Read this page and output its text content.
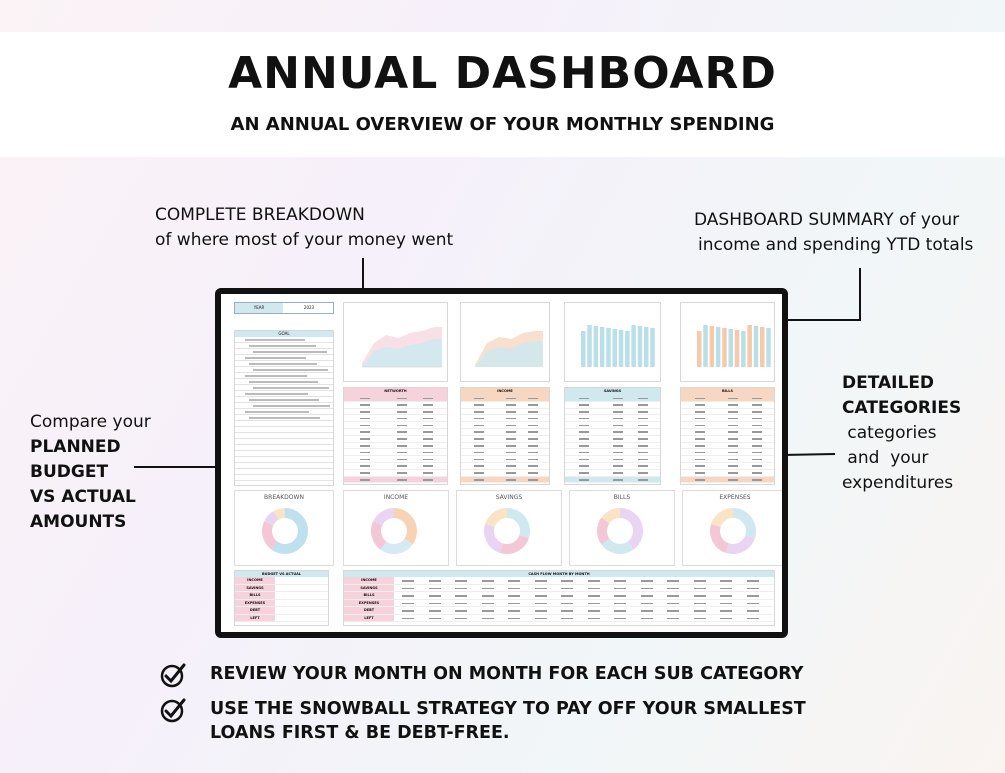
ANNUAL DASHBOARD
AN ANNUAL OVERVIEW OF YOUR MONTHLY SPENDING
COMPLETE BREAKDOWN
of where most of your money went
DASHBOARD SUMMARY of your
income and spending YTD totals
Compare your
PLANNED
BUDGET
VS ACTUAL
AMOUNTS
DETAILED
CATEGORIES
categories
and  your
expenditures
YEAR	2023
GOAL
NETWORTH	INCOME	SAVINGS	BILLS
BREAKDOWN	INCOME	SAVINGS	BILLS	EXPENSES
BUDGET VS ACTUAL
INCOME
SAVINGS
BILLS
EXPENSES
DEBT
LEFT
CASH FLOW MONTH BY MONTH
INCOME
SAVINGS
BILLS
EXPENSES
DEBT
LEFT
REVIEW YOUR MONTH ON MONTH FOR EACH SUB CATEGORY
USE THE SNOWBALL STRATEGY TO PAY OFF YOUR SMALLEST LOANS FIRST & BE DEBT-FREE.
